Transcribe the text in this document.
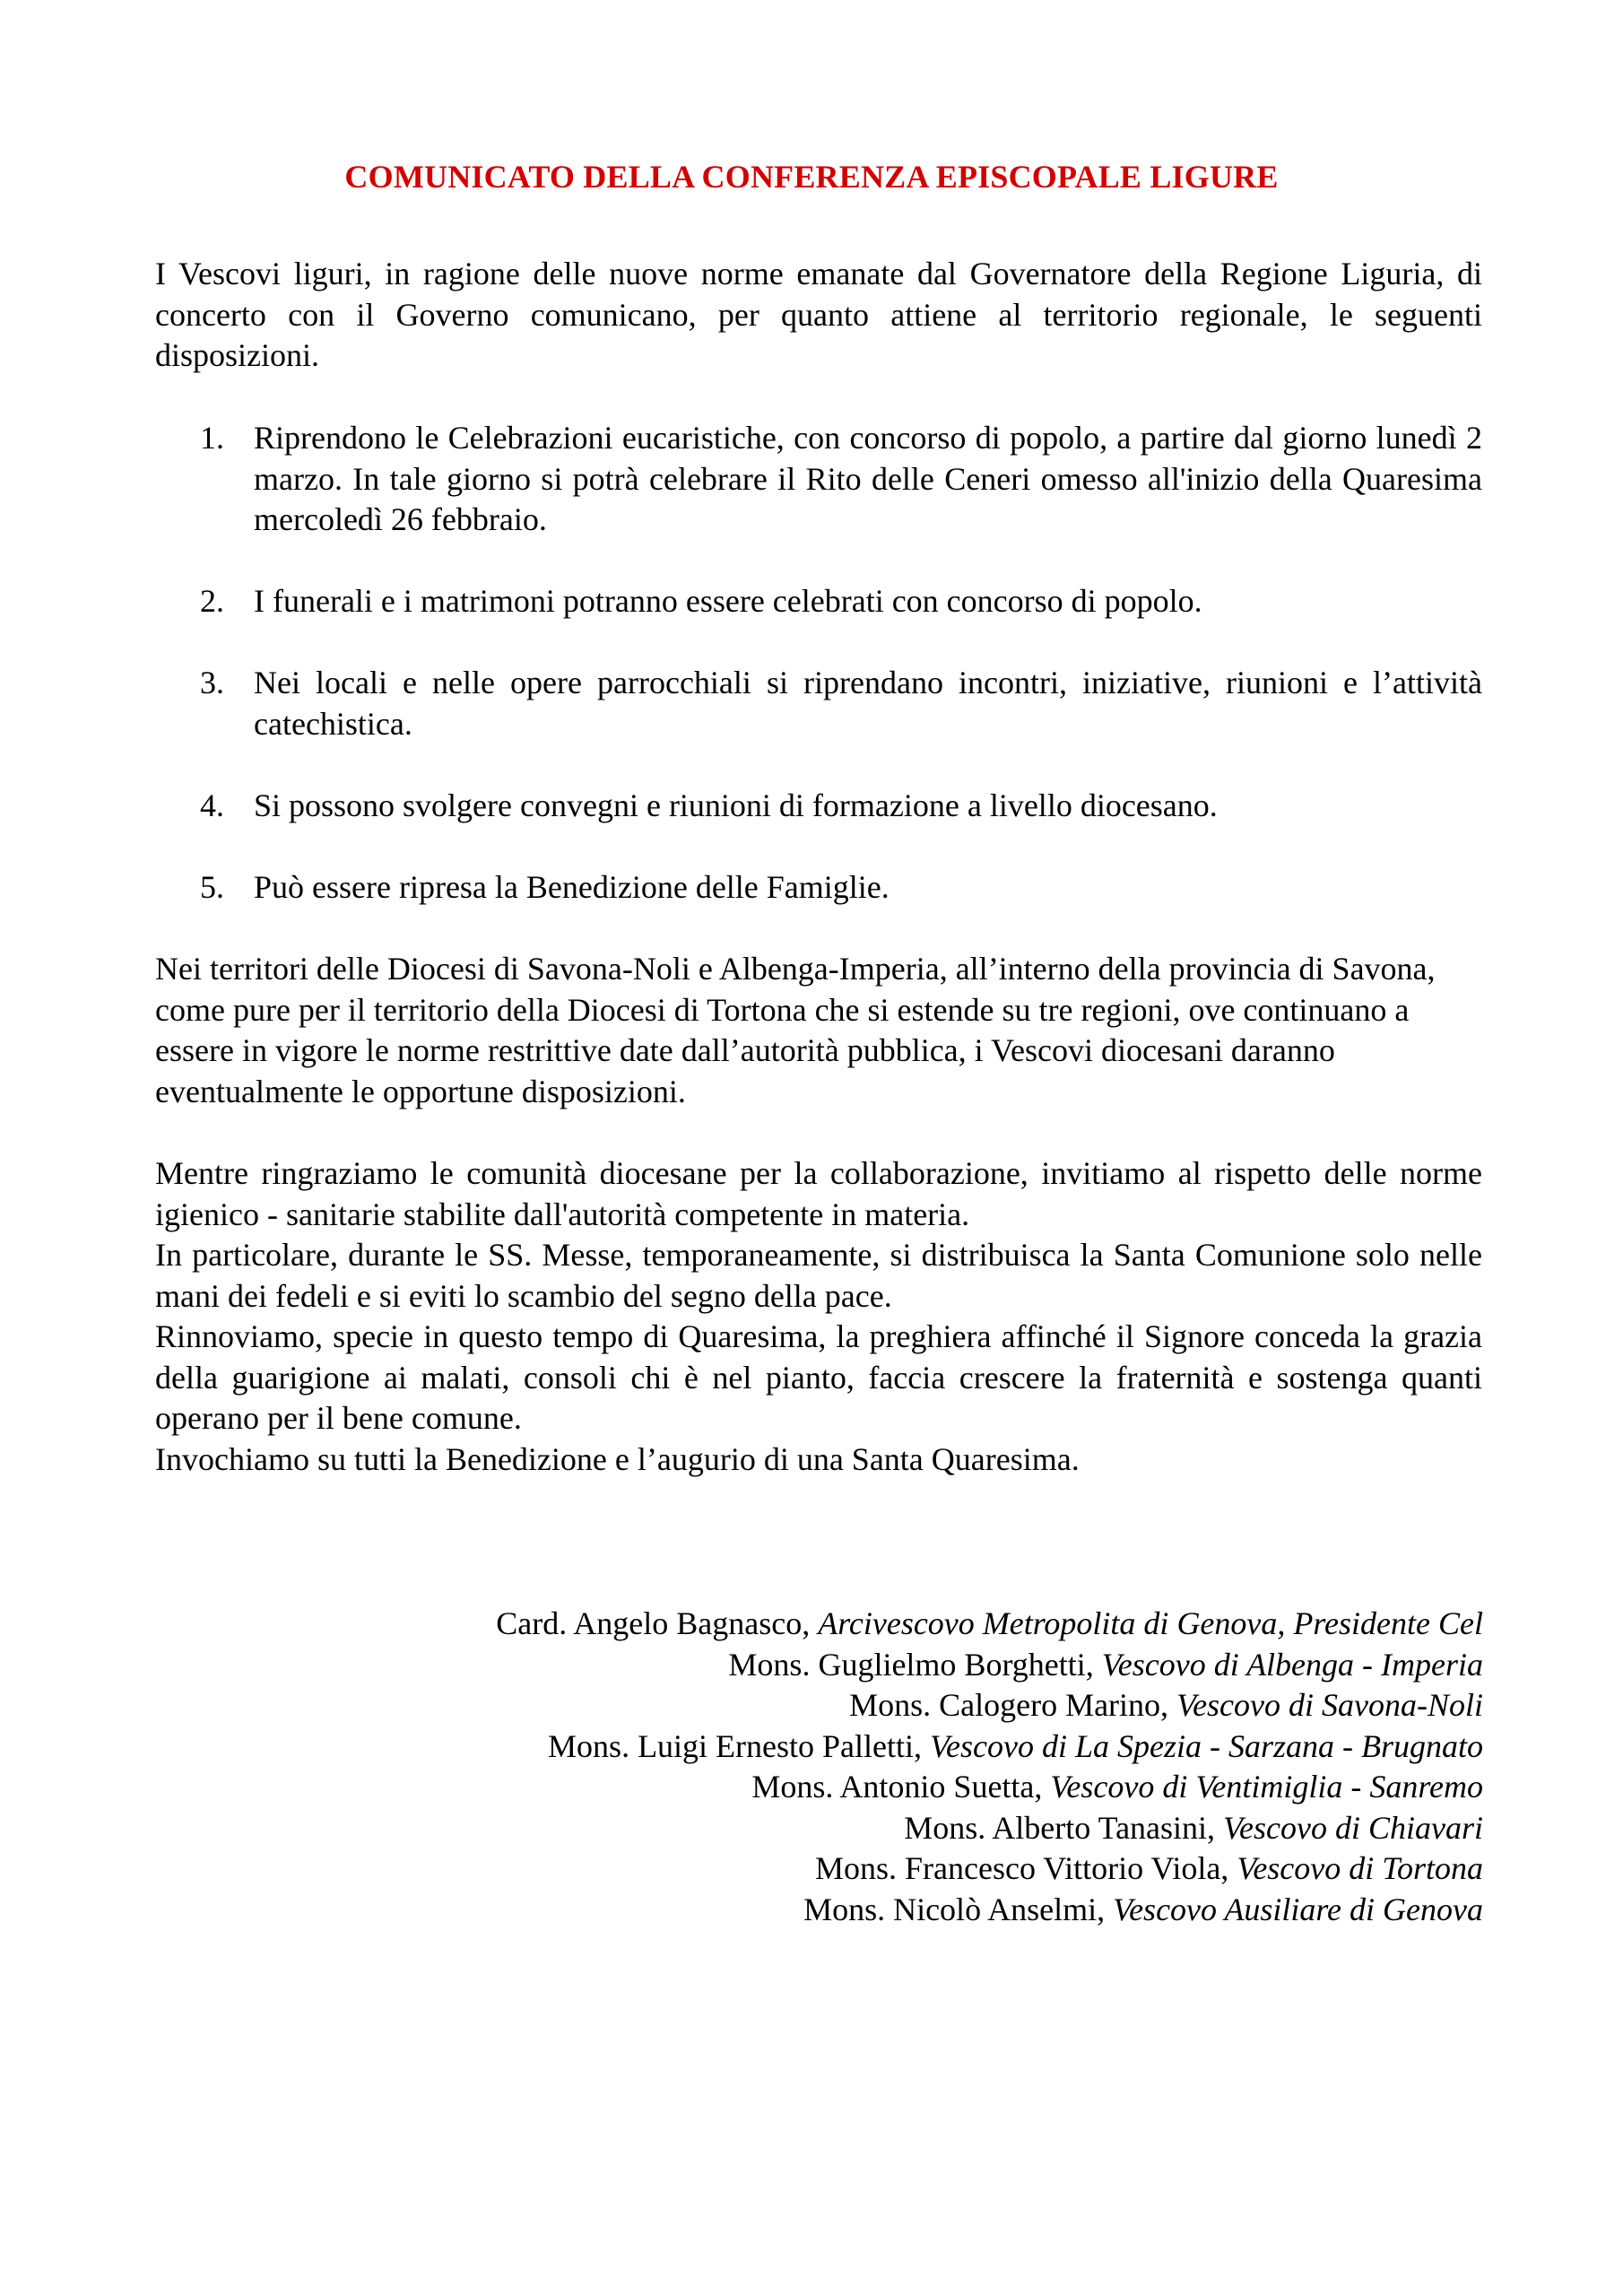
COMUNICATO DELLA CONFERENZA EPISCOPALE LIGURE

I Vescovi liguri, in ragione delle nuove norme emanate dal Governatore della Regione Liguria, di concerto con il Governo comunicano, per quanto attiene al territorio regionale, le seguenti disposizioni.

1. Riprendono le Celebrazioni eucaristiche, con concorso di popolo, a partire dal giorno lunedì 2 marzo. In tale giorno si potrà celebrare il Rito delle Ceneri omesso all'inizio della Quaresima mercoledì 26 febbraio.
2. I funerali e i matrimoni potranno essere celebrati con concorso di popolo.
3. Nei locali e nelle opere parrocchiali si riprendano incontri, iniziative, riunioni e l’attività catechistica.
4. Si possono svolgere convegni e riunioni di formazione a livello diocesano.
5. Può essere ripresa la Benedizione delle Famiglie.

Nei territori delle Diocesi di Savona-Noli e Albenga-Imperia, all’interno della provincia di Savona, come pure per il territorio della Diocesi di Tortona che si estende su tre regioni, ove continuano a essere in vigore le norme restrittive date dall’autorità pubblica, i Vescovi diocesani daranno eventualmente le opportune disposizioni.

Mentre ringraziamo le comunità diocesane per la collaborazione, invitiamo al rispetto delle norme igienico - sanitarie stabilite dall'autorità competente in materia.
In particolare, durante le SS. Messe, temporaneamente, si distribuisca la Santa Comunione solo nelle mani dei fedeli e si eviti lo scambio del segno della pace.
Rinnoviamo, specie in questo tempo di Quaresima, la preghiera affinché il Signore conceda la grazia della guarigione ai malati, consoli chi è nel pianto, faccia crescere la fraternità e sostenga quanti operano per il bene comune.
Invochiamo su tutti la Benedizione e l’augurio di una Santa Quaresima.
Card. Angelo Bagnasco, Arcivescovo Metropolita di Genova, Presidente Cel
Mons. Guglielmo Borghetti, Vescovo di Albenga - Imperia
Mons. Calogero Marino, Vescovo di Savona-Noli
Mons. Luigi Ernesto Palletti, Vescovo di La Spezia - Sarzana - Brugnato
Mons. Antonio Suetta, Vescovo di Ventimiglia - Sanremo
Mons. Alberto Tanasini, Vescovo di Chiavari
Mons. Francesco Vittorio Viola, Vescovo di Tortona
Mons. Nicolò Anselmi, Vescovo Ausiliare di Genova
